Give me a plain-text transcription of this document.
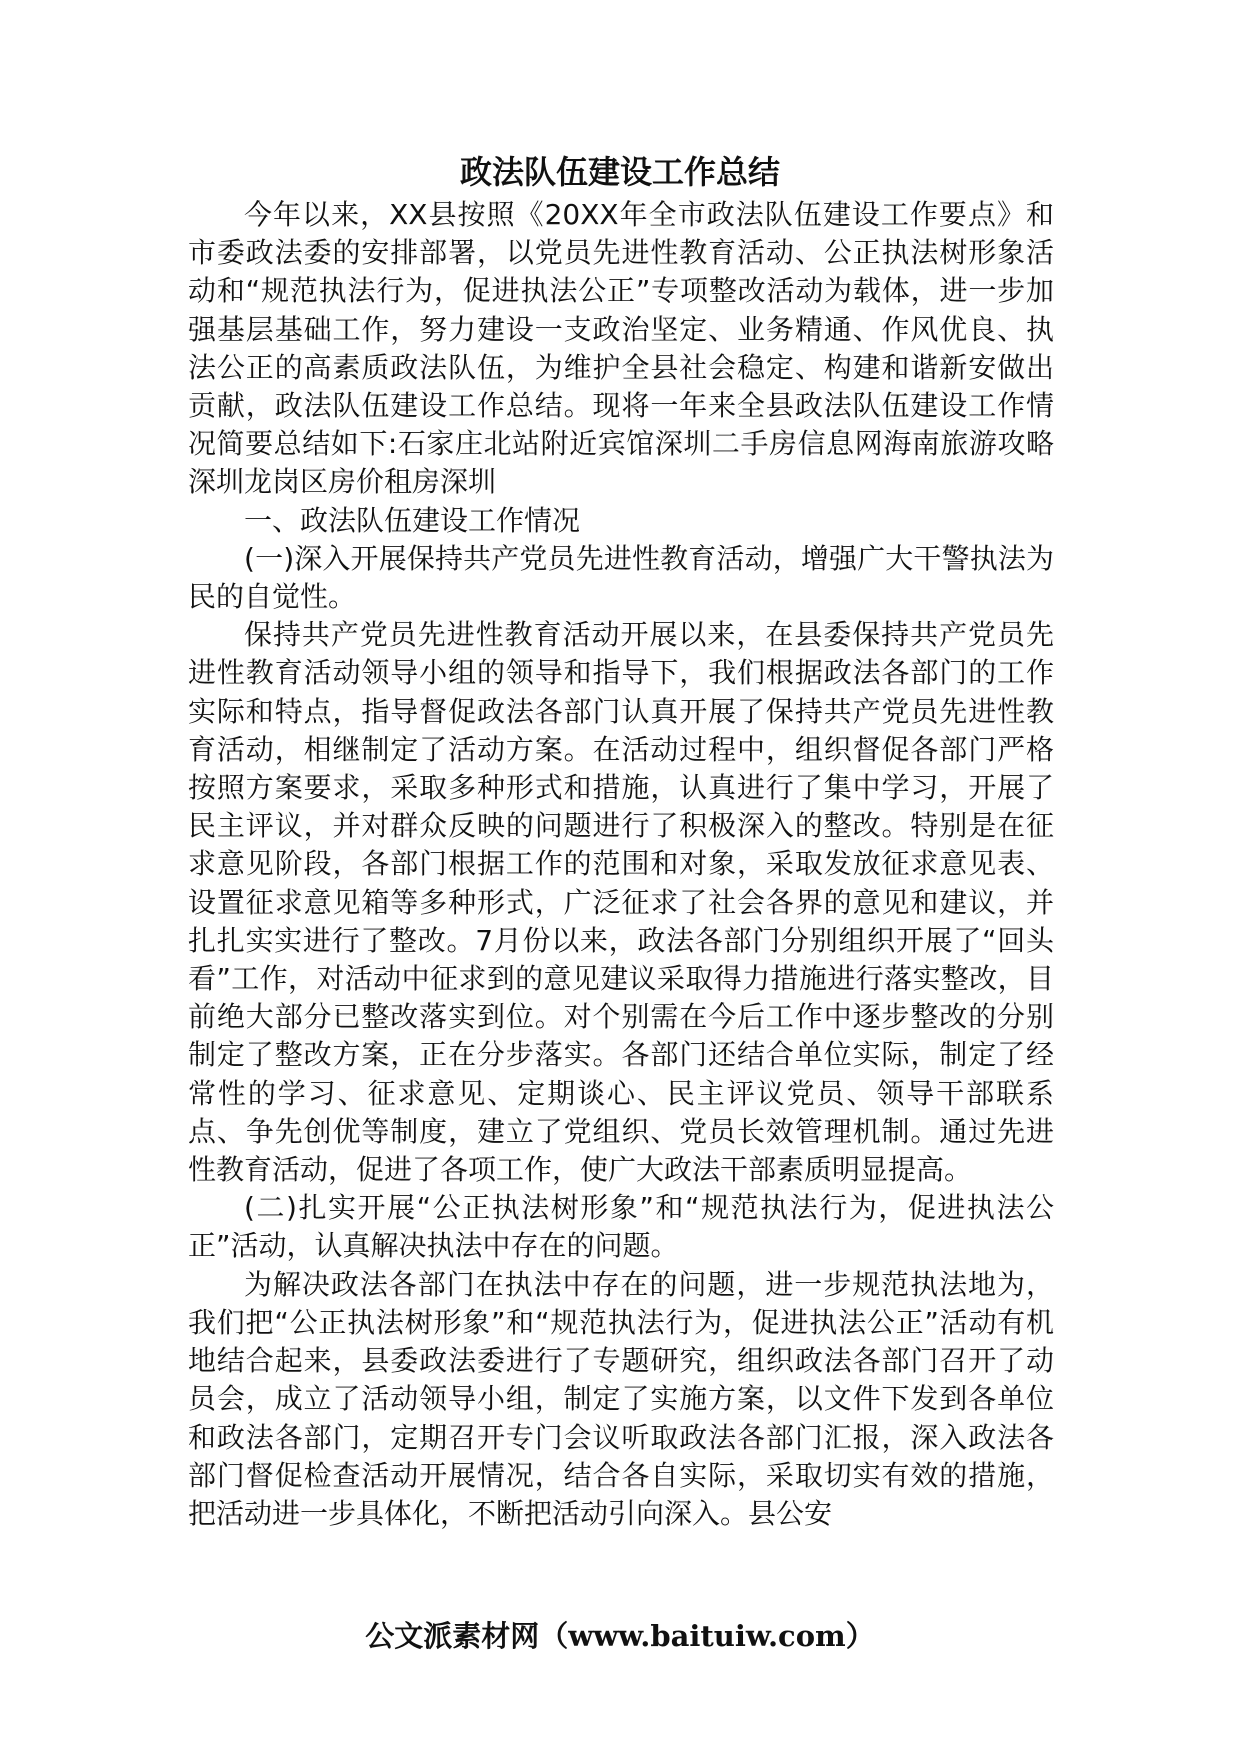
政法队伍建设工作总结

今年以来，XX县按照《20XX年全市政法队伍建设工作要点》和市委政法委的安排部署，以党员先进性教育活动、公正执法树形象活动和“规范执法行为，促进执法公正”专项整改活动为载体，进一步加强基层基础工作，努力建设一支政治坚定、业务精通、作风优良、执法公正的高素质政法队伍，为维护全县社会稳定、构建和谐新安做出贡献，政法队伍建设工作总结。现将一年来全县政法队伍建设工作情况简要总结如下:石家庄北站附近宾馆深圳二手房信息网海南旅游攻略深圳龙岗区房价租房深圳

一、政法队伍建设工作情况

(一)深入开展保持共产党员先进性教育活动，增强广大干警执法为民的自觉性。

保持共产党员先进性教育活动开展以来，在县委保持共产党员先进性教育活动领导小组的领导和指导下，我们根据政法各部门的工作实际和特点，指导督促政法各部门认真开展了保持共产党员先进性教育活动，相继制定了活动方案。在活动过程中，组织督促各部门严格按照方案要求，采取多种形式和措施，认真进行了集中学习，开展了民主评议，并对群众反映的问题进行了积极深入的整改。特别是在征求意见阶段，各部门根据工作的范围和对象，采取发放征求意见表、设置征求意见箱等多种形式，广泛征求了社会各界的意见和建议，并扎扎实实进行了整改。7月份以来，政法各部门分别组织开展了“回头看”工作，对活动中征求到的意见建议采取得力措施进行落实整改，目前绝大部分已整改落实到位。对个别需在今后工作中逐步整改的分别制定了整改方案，正在分步落实。各部门还结合单位实际，制定了经常性的学习、征求意见、定期谈心、民主评议党员、领导干部联系点、争先创优等制度，建立了党组织、党员长效管理机制。通过先进性教育活动，促进了各项工作，使广大政法干部素质明显提高。

(二)扎实开展“公正执法树形象”和“规范执法行为，促进执法公正”活动，认真解决执法中存在的问题。

为解决政法各部门在执法中存在的问题，进一步规范执法地为，我们把“公正执法树形象”和“规范执法行为，促进执法公正”活动有机地结合起来，县委政法委进行了专题研究，组织政法各部门召开了动员会，成立了活动领导小组，制定了实施方案，以文件下发到各单位和政法各部门，定期召开专门会议听取政法各部门汇报，深入政法各部门督促检查活动开展情况，结合各自实际，采取切实有效的措施，把活动进一步具体化，不断把活动引向深入。县公安

公文派素材网（www.baituiw.com）
